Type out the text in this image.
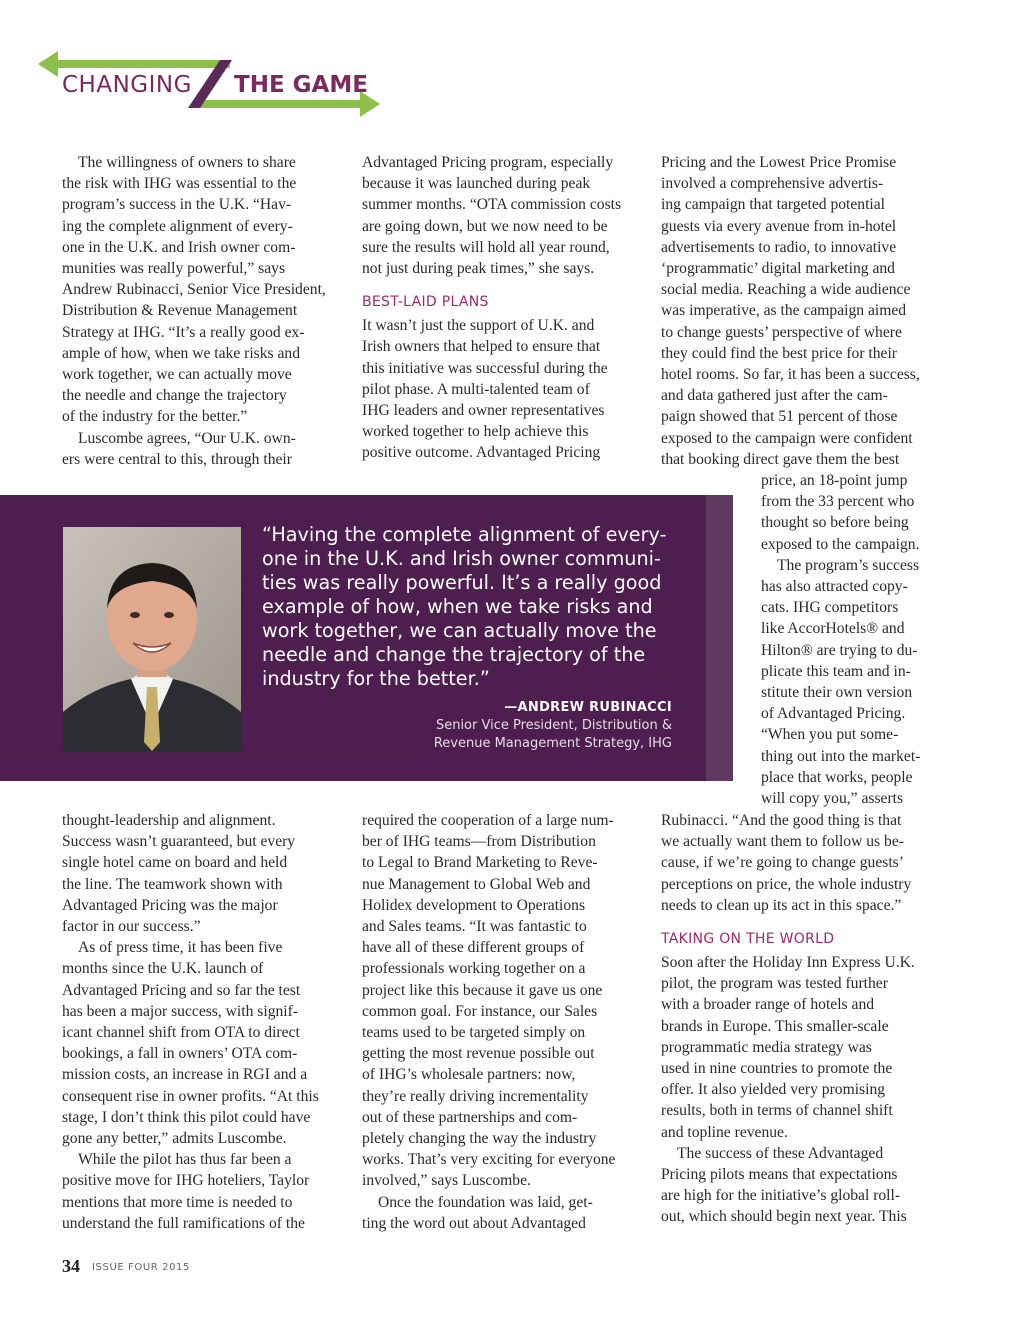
CHANGING THE GAME
The willingness of owners to share
the risk with IHG was essential to the
program’s success in the U.K. “Hav-
ing the complete alignment of every-
one in the U.K. and Irish owner com-
munities was really powerful,” says
Andrew Rubinacci, Senior Vice President,
Distribution & Revenue Management
Strategy at IHG. “It’s a really good ex-
ample of how, when we take risks and
work together, we can actually move
the needle and change the trajectory
of the industry for the better.”
Luscombe agrees, “Our U.K. own-
ers were central to this, through their
Advantaged Pricing program, especially
because it was launched during peak
summer months. “OTA commission costs
are going down, but we now need to be
sure the results will hold all year round,
not just during peak times,” she says.
BEST-LAID PLANS
It wasn’t just the support of U.K. and
Irish owners that helped to ensure that
this initiative was successful during the
pilot phase. A multi-talented team of
IHG leaders and owner representatives
worked together to help achieve this
positive outcome. Advantaged Pricing
Pricing and the Lowest Price Promise
involved a comprehensive advertis-
ing campaign that targeted potential
guests via every avenue from in-hotel
advertisements to radio, to innovative
‘programmatic’ digital marketing and
social media. Reaching a wide audience
was imperative, as the campaign aimed
to change guests’ perspective of where
they could find the best price for their
hotel rooms. So far, it has been a success,
and data gathered just after the cam-
paign showed that 51 percent of those
exposed to the campaign were confident
that booking direct gave them the best
price, an 18-point jump
from the 33 percent who
thought so before being
exposed to the campaign.
The program’s success
has also attracted copy-
cats. IHG competitors
like AccorHotels® and
Hilton® are trying to du-
plicate this team and in-
stitute their own version
of Advantaged Pricing.
“When you put some-
thing out into the market-
place that works, people
will copy you,” asserts
“Having the complete alignment of every-
one in the U.K. and Irish owner communi-
ties was really powerful. It’s a really good
example of how, when we take risks and
work together, we can actually move the
needle and change the trajectory of the
industry for the better.”
—ANDREW RUBINACCI
Senior Vice President, Distribution &
Revenue Management Strategy, IHG
thought-leadership and alignment.
Success wasn’t guaranteed, but every
single hotel came on board and held
the line. The teamwork shown with
Advantaged Pricing was the major
factor in our success.”
As of press time, it has been five
months since the U.K. launch of
Advantaged Pricing and so far the test
has been a major success, with signif-
icant channel shift from OTA to direct
bookings, a fall in owners’ OTA com-
mission costs, an increase in RGI and a
consequent rise in owner profits. “At this
stage, I don’t think this pilot could have
gone any better,” admits Luscombe.
While the pilot has thus far been a
positive move for IHG hoteliers, Taylor
mentions that more time is needed to
understand the full ramifications of the
required the cooperation of a large num-
ber of IHG teams—from Distribution
to Legal to Brand Marketing to Reve-
nue Management to Global Web and
Holidex development to Operations
and Sales teams. “It was fantastic to
have all of these different groups of
professionals working together on a
project like this because it gave us one
common goal. For instance, our Sales
teams used to be targeted simply on
getting the most revenue possible out
of IHG’s wholesale partners: now,
they’re really driving incrementality
out of these partnerships and com-
pletely changing the way the industry
works. That’s very exciting for everyone
involved,” says Luscombe.
Once the foundation was laid, get-
ting the word out about Advantaged
Rubinacci. “And the good thing is that
we actually want them to follow us be-
cause, if we’re going to change guests’
perceptions on price, the whole industry
needs to clean up its act in this space.”
TAKING ON THE WORLD
Soon after the Holiday Inn Express U.K.
pilot, the program was tested further
with a broader range of hotels and
brands in Europe. This smaller-scale
programmatic media strategy was
used in nine countries to promote the
offer. It also yielded very promising
results, both in terms of channel shift
and topline revenue.
The success of these Advantaged
Pricing pilots means that expectations
are high for the initiative’s global roll-
out, which should begin next year. This
34 ISSUE FOUR 2015
